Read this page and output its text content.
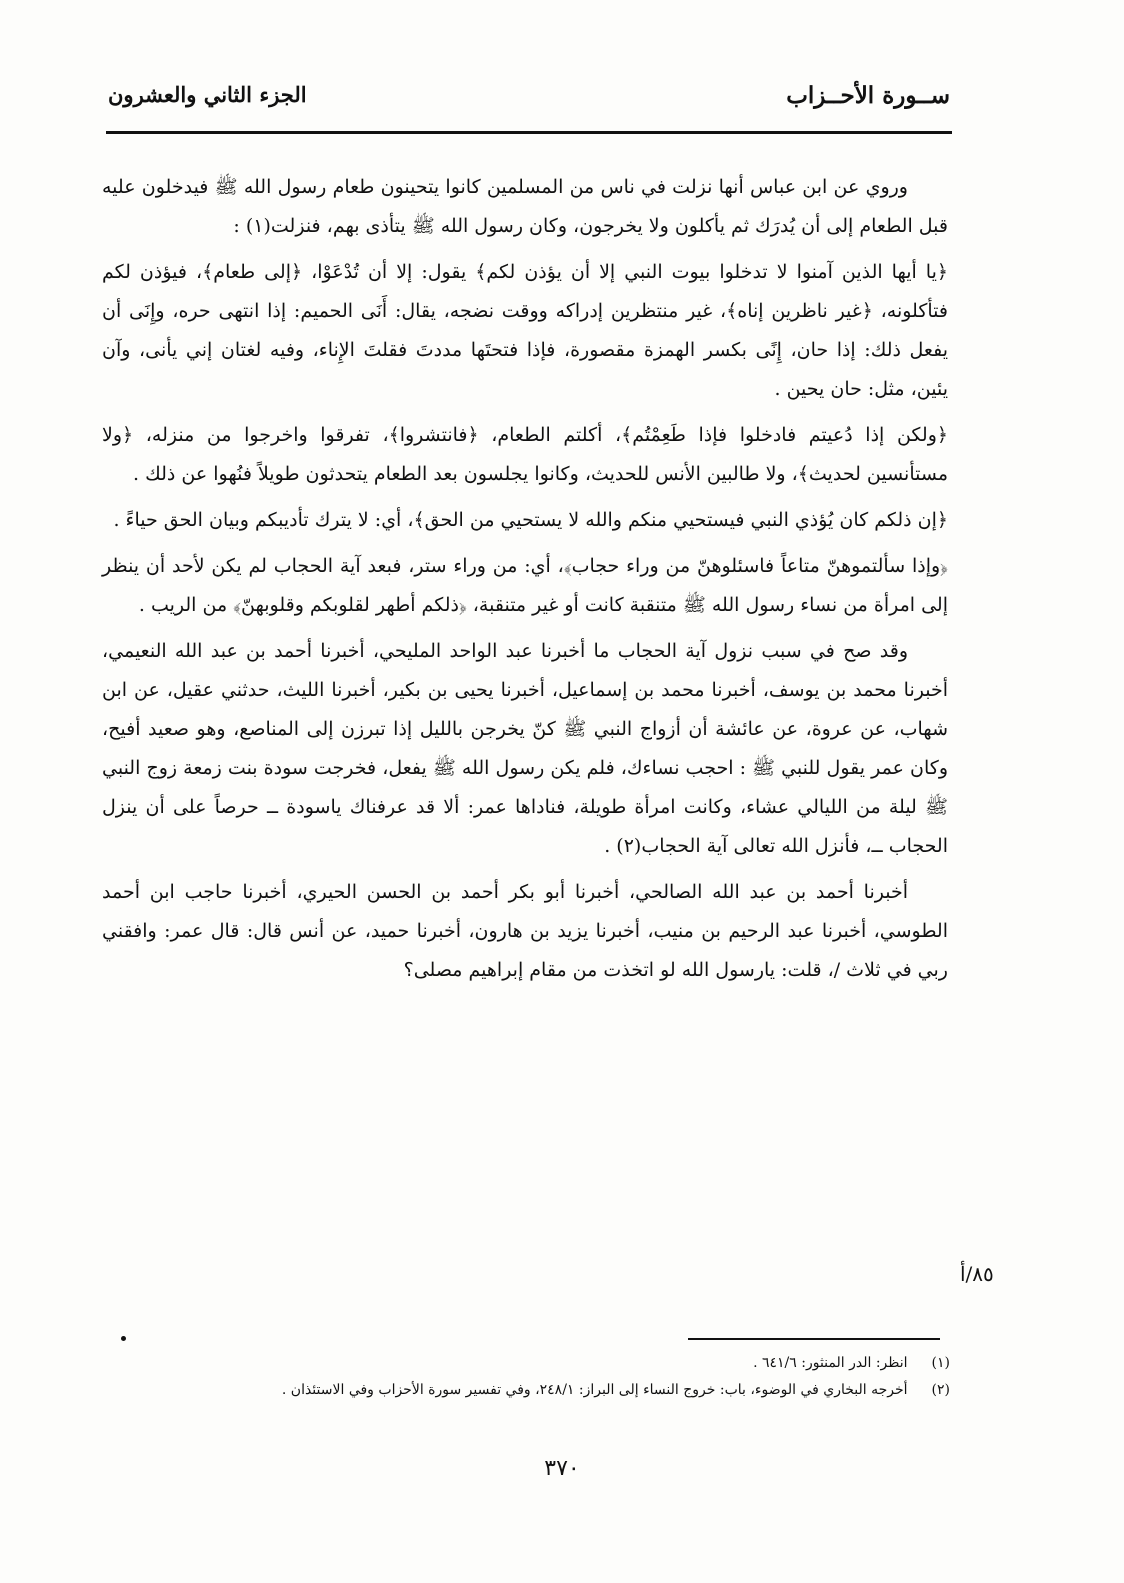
ســورة الأحــزاب
الجزء الثاني والعشرون

وروي عن ابن عباس أنها نزلت في ناس من المسلمين كانوا يتحينون طعام رسول الله ﷺ فيدخلون عليه قبل الطعام إلى أن يُدرَك ثم يأكلون ولا يخرجون، وكان رسول الله ﷺ يتأذى بهم، فنزلت(١) :

﴿يا أيها الذين آمنوا لا تدخلوا بيوت النبي إلا أن يؤذن لكم﴾ يقول: إلا أن تُدْعَوْا، ﴿إلى طعام﴾، فيؤذن لكم فتأكلونه، ﴿غير ناظرين إناه﴾، غير منتظرين إدراكه ووقت نضجه، يقال: أَنَى الحميم: إذا انتهى حره، وإِنَى أن يفعل ذلك: إذا حان، إِنًى بكسر الهمزة مقصورة، فإذا فتحتَها مددتَ فقلتَ الإِناء، وفيه لغتان إني يأنى، وآن يئين، مثل: حان يحين .

﴿ولكن إذا دُعيتم فادخلوا فإذا طَعِمْتُم﴾، أكلتم الطعام، ﴿فانتشروا﴾، تفرقوا واخرجوا من منزله، ﴿ولا مستأنسين لحديث﴾، ولا طالبين الأنس للحديث، وكانوا يجلسون بعد الطعام يتحدثون طويلاً فنُهوا عن ذلك .

﴿إن ذلكم كان يُؤذي النبي فيستحيي منكم والله لا يستحيي من الحق﴾، أي: لا يترك تأديبكم وبيان الحق حياءً .

﴿وإذا سألتموهنّ متاعاً فاسئلوهنّ من وراء حجاب﴾، أي: من وراء ستر، فبعد آية الحجاب لم يكن لأحد أن ينظر إلى امرأة من نساء رسول الله ﷺ متنقبة كانت أو غير متنقبة، ﴿ذلكم أطهر لقلوبكم وقلوبهنّ﴾ من الريب .

وقد صح في سبب نزول آية الحجاب ما أخبرنا عبد الواحد المليحي، أخبرنا أحمد بن عبد الله النعيمي، أخبرنا محمد بن يوسف، أخبرنا محمد بن إسماعيل، أخبرنا يحيى بن بكير، أخبرنا الليث، حدثني عقيل، عن ابن شهاب، عن عروة، عن عائشة أن أزواج النبي ﷺ كنّ يخرجن بالليل إذا تبرزن إلى المناصع، وهو صعيد أفيح، وكان عمر يقول للنبي ﷺ : احجب نساءك، فلم يكن رسول الله ﷺ يفعل، فخرجت سودة بنت زمعة زوج النبي ﷺ ليلة من الليالي عشاء، وكانت امرأة طويلة، فناداها عمر: ألا قد عرفناك ياسودة ــ حرصاً على أن ينزل الحجاب ــ، فأنزل الله تعالى آية الحجاب(٢) .

أخبرنا أحمد بن عبد الله الصالحي، أخبرنا أبو بكر أحمد بن الحسن الحيري، أخبرنا حاجب ابن أحمد الطوسي، أخبرنا عبد الرحيم بن منيب، أخبرنا يزيد بن هارون، أخبرنا حميد، عن أنس قال: قال عمر: وافقني ربي في ثلاث /، قلت: يارسول الله لو اتخذت من مقام إبراهيم مصلى؟

٨٥/أ
(١) انظر: الدر المنثور: ٦٤١/٦ .
(٢) أخرجه البخاري في الوضوء، باب: خروج النساء إلى البراز: ٢٤٨/١، وفي تفسير سورة الأحزاب وفي الاستئذان .
٣٧٠
